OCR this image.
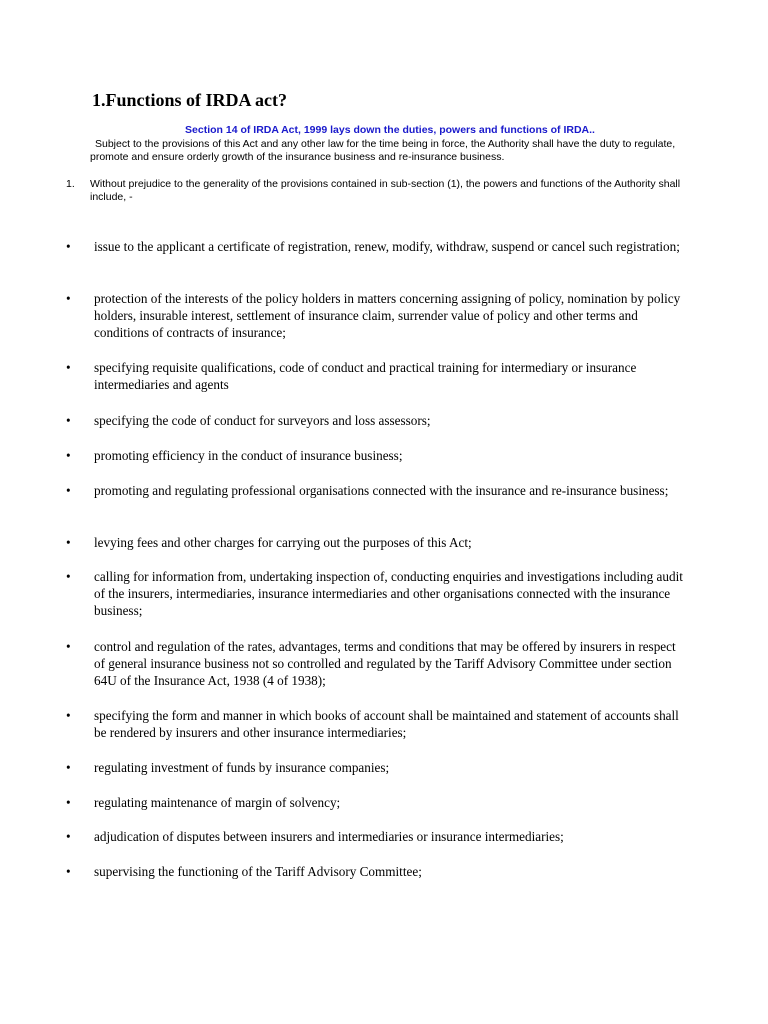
1.Functions of IRDA act?
Section 14 of IRDA Act, 1999 lays down the duties, powers and functions of IRDA..
Subject to the provisions of this Act and any other law for the time being in force, the Authority shall have the duty to regulate, promote and ensure orderly growth of the insurance business and re-insurance business.
1. Without prejudice to the generality of the provisions contained in sub-section (1), the powers and functions of the Authority shall include, -
• issue to the applicant a certificate of registration, renew, modify, withdraw, suspend or cancel such registration;
• protection of the interests of the policy holders in matters concerning assigning of policy, nomination by policy holders, insurable interest, settlement of insurance claim, surrender value of policy and other terms and conditions of contracts of insurance;
• specifying requisite qualifications, code of conduct and practical training for intermediary or insurance intermediaries and agents
• specifying the code of conduct for surveyors and loss assessors;
• promoting efficiency in the conduct of insurance business;
• promoting and regulating professional organisations connected with the insurance and re-insurance business;
• levying fees and other charges for carrying out the purposes of this Act;
• calling for information from, undertaking inspection of, conducting enquiries and investigations including audit of the insurers, intermediaries, insurance intermediaries and other organisations connected with the insurance business;
• control and regulation of the rates, advantages, terms and conditions that may be offered by insurers in respect of general insurance business not so controlled and regulated by the Tariff Advisory Committee under section 64U of the Insurance Act, 1938 (4 of 1938);
• specifying the form and manner in which books of account shall be maintained and statement of accounts shall be rendered by insurers and other insurance intermediaries;
• regulating investment of funds by insurance companies;
• regulating maintenance of margin of solvency;
• adjudication of disputes between insurers and intermediaries or insurance intermediaries;
• supervising the functioning of the Tariff Advisory Committee;
